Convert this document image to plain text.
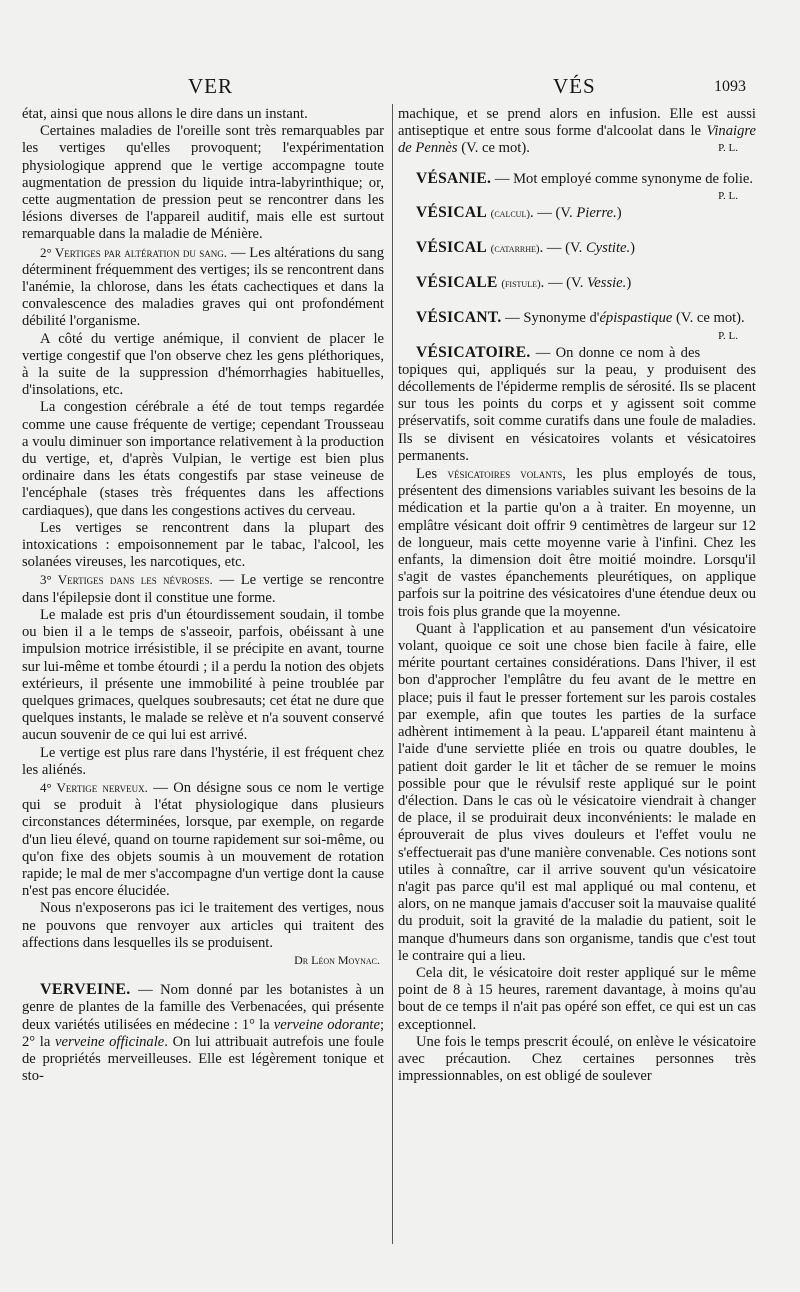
VER	VÉS	1093

état, ainsi que nous allons le dire dans un instant.

Certaines maladies de l'oreille sont très remarquables par les vertiges qu'elles provoquent; l'expérimentation physiologique apprend que le vertige accompagne toute augmentation de pression du liquide intra-labyrinthique; or, cette augmentation de pression peut se rencontrer dans les lésions diverses de l'appareil auditif, mais elle est surtout remarquable dans la maladie de Ménière.

2° Vertiges par altération du sang. — Les altérations du sang déterminent fréquemment des vertiges; ils se rencontrent dans l'anémie, la chlorose, dans les états cachectiques et dans la convalescence des maladies graves qui ont profondément débilité l'organisme.

A côté du vertige anémique, il convient de placer le vertige congestif que l'on observe chez les gens pléthoriques, à la suite de la suppression d'hémorrhagies habituelles, d'insolations, etc.

La congestion cérébrale a été de tout temps regardée comme une cause fréquente de vertige; cependant Trousseau a voulu diminuer son importance relativement à la production du vertige, et, d'après Vulpian, le vertige est bien plus ordinaire dans les états congestifs par stase veineuse de l'encéphale (stases très fréquentes dans les affections cardiaques), que dans les congestions actives du cerveau.

Les vertiges se rencontrent dans la plupart des intoxications : empoisonnement par le tabac, l'alcool, les solanées vireuses, les narcotiques, etc.

3° Vertiges dans les névroses. — Le vertige se rencontre dans l'épilepsie dont il constitue une forme.

Le malade est pris d'un étourdissement soudain, il tombe ou bien il a le temps de s'asseoir, parfois, obéissant à une impulsion motrice irrésistible, il se précipite en avant, tourne sur lui-même et tombe étourdi ; il a perdu la notion des objets extérieurs, il présente une immobilité à peine troublée par quelques grimaces, quelques soubresauts; cet état ne dure que quelques instants, le malade se relève et n'a souvent conservé aucun souvenir de ce qui lui est arrivé.

Le vertige est plus rare dans l'hystérie, il est fréquent chez les aliénés.

4° Vertige nerveux. — On désigne sous ce nom le vertige qui se produit à l'état physiologique dans plusieurs circonstances déterminées, lorsque, par exemple, on regarde d'un lieu élevé, quand on tourne rapidement sur soi-même, ou qu'on fixe des objets soumis à un mouvement de rotation rapide; le mal de mer s'accompagne d'un vertige dont la cause n'est pas encore élucidée.

Nous n'exposerons pas ici le traitement des vertiges, nous ne pouvons que renvoyer aux articles qui traitent des affections dans lesquelles ils se produisent.

Dr Léon Moynac.

VERVEINE. — Nom donné par les botanistes à un genre de plantes de la famille des Verbenacées, qui présente deux variétés utilisées en médecine : 1° la verveine odorante; 2° la verveine officinale. On lui attribuait autrefois une foule de propriétés merveilleuses. Elle est légèrement tonique et sto-

machique, et se prend alors en infusion. Elle est aussi antiseptique et entre sous forme d'alcoolat dans le Vinaigre de Pennès (V. ce mot).	P. L.

VÉSANIE. — Mot employé comme synonyme de folie.
P. L.

VÉSICAL (calcul). — (V. Pierre.)

VÉSICAL (catarrhe). — (V. Cystite.)

VÉSICALE (fistule). — (V. Vessie.)

VÉSICANT. — Synonyme d'épispastique (V. ce mot).
P. L.

VÉSICATOIRE. — On donne ce nom à des topiques qui, appliqués sur la peau, y produisent des décollements de l'épiderme remplis de sérosité. Ils se placent sur tous les points du corps et y agissent soit comme préservatifs, soit comme curatifs dans une foule de maladies. Ils se divisent en vésicatoires volants et vésicatoires permanents.

Les vésicatoires volants, les plus employés de tous, présentent des dimensions variables suivant les besoins de la médication et la partie qu'on a à traiter. En moyenne, un emplâtre vésicant doit offrir 9 centimètres de largeur sur 12 de longueur, mais cette moyenne varie à l'infini. Chez les enfants, la dimension doit être moitié moindre. Lorsqu'il s'agit de vastes épanchements pleurétiques, on applique parfois sur la poitrine des vésicatoires d'une étendue deux ou trois fois plus grande que la moyenne.

Quant à l'application et au pansement d'un vésicatoire volant, quoique ce soit une chose bien facile à faire, elle mérite pourtant certaines considérations. Dans l'hiver, il est bon d'approcher l'emplâtre du feu avant de le mettre en place; puis il faut le presser fortement sur les parois costales par exemple, afin que toutes les parties de la surface adhèrent intimement à la peau. L'appareil étant maintenu à l'aide d'une serviette pliée en trois ou quatre doubles, le patient doit garder le lit et tâcher de se remuer le moins possible pour que le révulsif reste appliqué sur le point d'élection. Dans le cas où le vésicatoire viendrait à changer de place, il se produirait deux inconvénients: le malade en éprouverait de plus vives douleurs et l'effet voulu ne s'effectuerait pas d'une manière convenable. Ces notions sont utiles à connaître, car il arrive souvent qu'un vésicatoire n'agit pas parce qu'il est mal appliqué ou mal contenu, et alors, on ne manque jamais d'accuser soit la mauvaise qualité du produit, soit la gravité de la maladie du patient, soit le manque d'humeurs dans son organisme, tandis que c'est tout le contraire qui a lieu.

Cela dit, le vésicatoire doit rester appliqué sur le même point de 8 à 15 heures, rarement davantage, à moins qu'au bout de ce temps il n'ait pas opéré son effet, ce qui est un cas exceptionnel.

Une fois le temps prescrit écoulé, on enlève le vésicatoire avec précaution. Chez certaines personnes très impressionnables, on est obligé de soulever
